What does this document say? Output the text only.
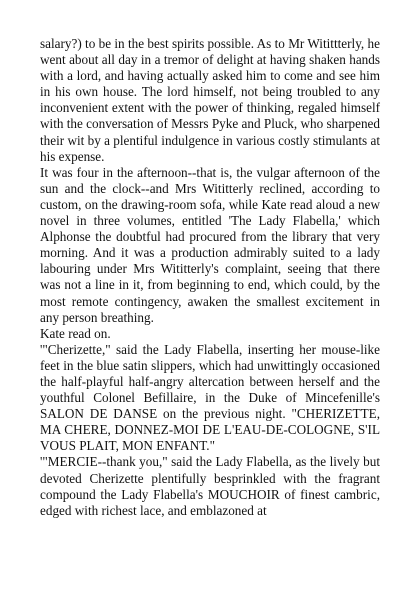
salary?) to be in the best spirits possible. As to Mr Witittterly, he went about all day in a tremor of delight at having shaken hands with a lord, and having actually asked him to come and see him in his own house. The lord himself, not being troubled to any inconvenient extent with the power of thinking, regaled himself with the conversation of Messrs Pyke and Pluck, who sharpened their wit by a plentiful indulgence in various costly stimulants at his expense.

It was four in the afternoon--that is, the vulgar afternoon of the sun and the clock--and Mrs Wititterly reclined, according to custom, on the drawing-room sofa, while Kate read aloud a new novel in three volumes, entitled 'The Lady Flabella,' which Alphonse the doubtful had procured from the library that very morning. And it was a production admirably suited to a lady labouring under Mrs Wititterly's complaint, seeing that there was not a line in it, from beginning to end, which could, by the most remote contingency, awaken the smallest excitement in any person breathing.

Kate read on.

'"Cherizette," said the Lady Flabella, inserting her mouse-like feet in the blue satin slippers, which had unwittingly occasioned the half-playful half-angry altercation between herself and the youthful Colonel Befillaire, in the Duke of Mincefenille's SALON DE DANSE on the previous night. "CHERIZETTE, MA CHERE, DONNEZ-MOI DE L'EAU-DE-COLOGNE, S'IL VOUS PLAIT, MON ENFANT."

'"MERCIE--thank you," said the Lady Flabella, as the lively but devoted Cherizette plentifully besprinkled with the fragrant compound the Lady Flabella's MOUCHOIR of finest cambric, edged with richest lace, and emblazoned at
